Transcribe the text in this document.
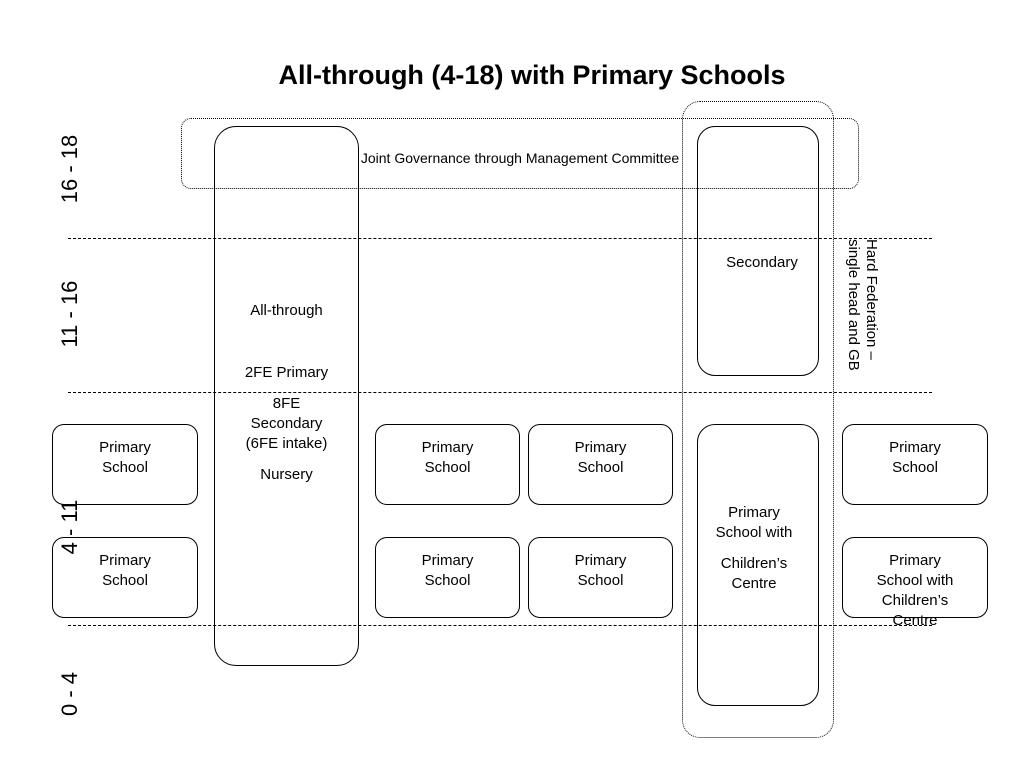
All-through (4-18) with Primary Schools
16 - 18
11 - 16
4 - 11
0 - 4
Joint Governance through Management Committee
Hard Federation –
single head and GB
All-through
2FE Primary
8FE
Secondary
(6FE intake)
Nursery
Secondary
Primary
School with
Children’s
Centre
Primary
School
Primary
School
Primary
School
Primary
School
Primary
School
Primary
School
Primary
School
Primary
School with
Children’s
Centre
